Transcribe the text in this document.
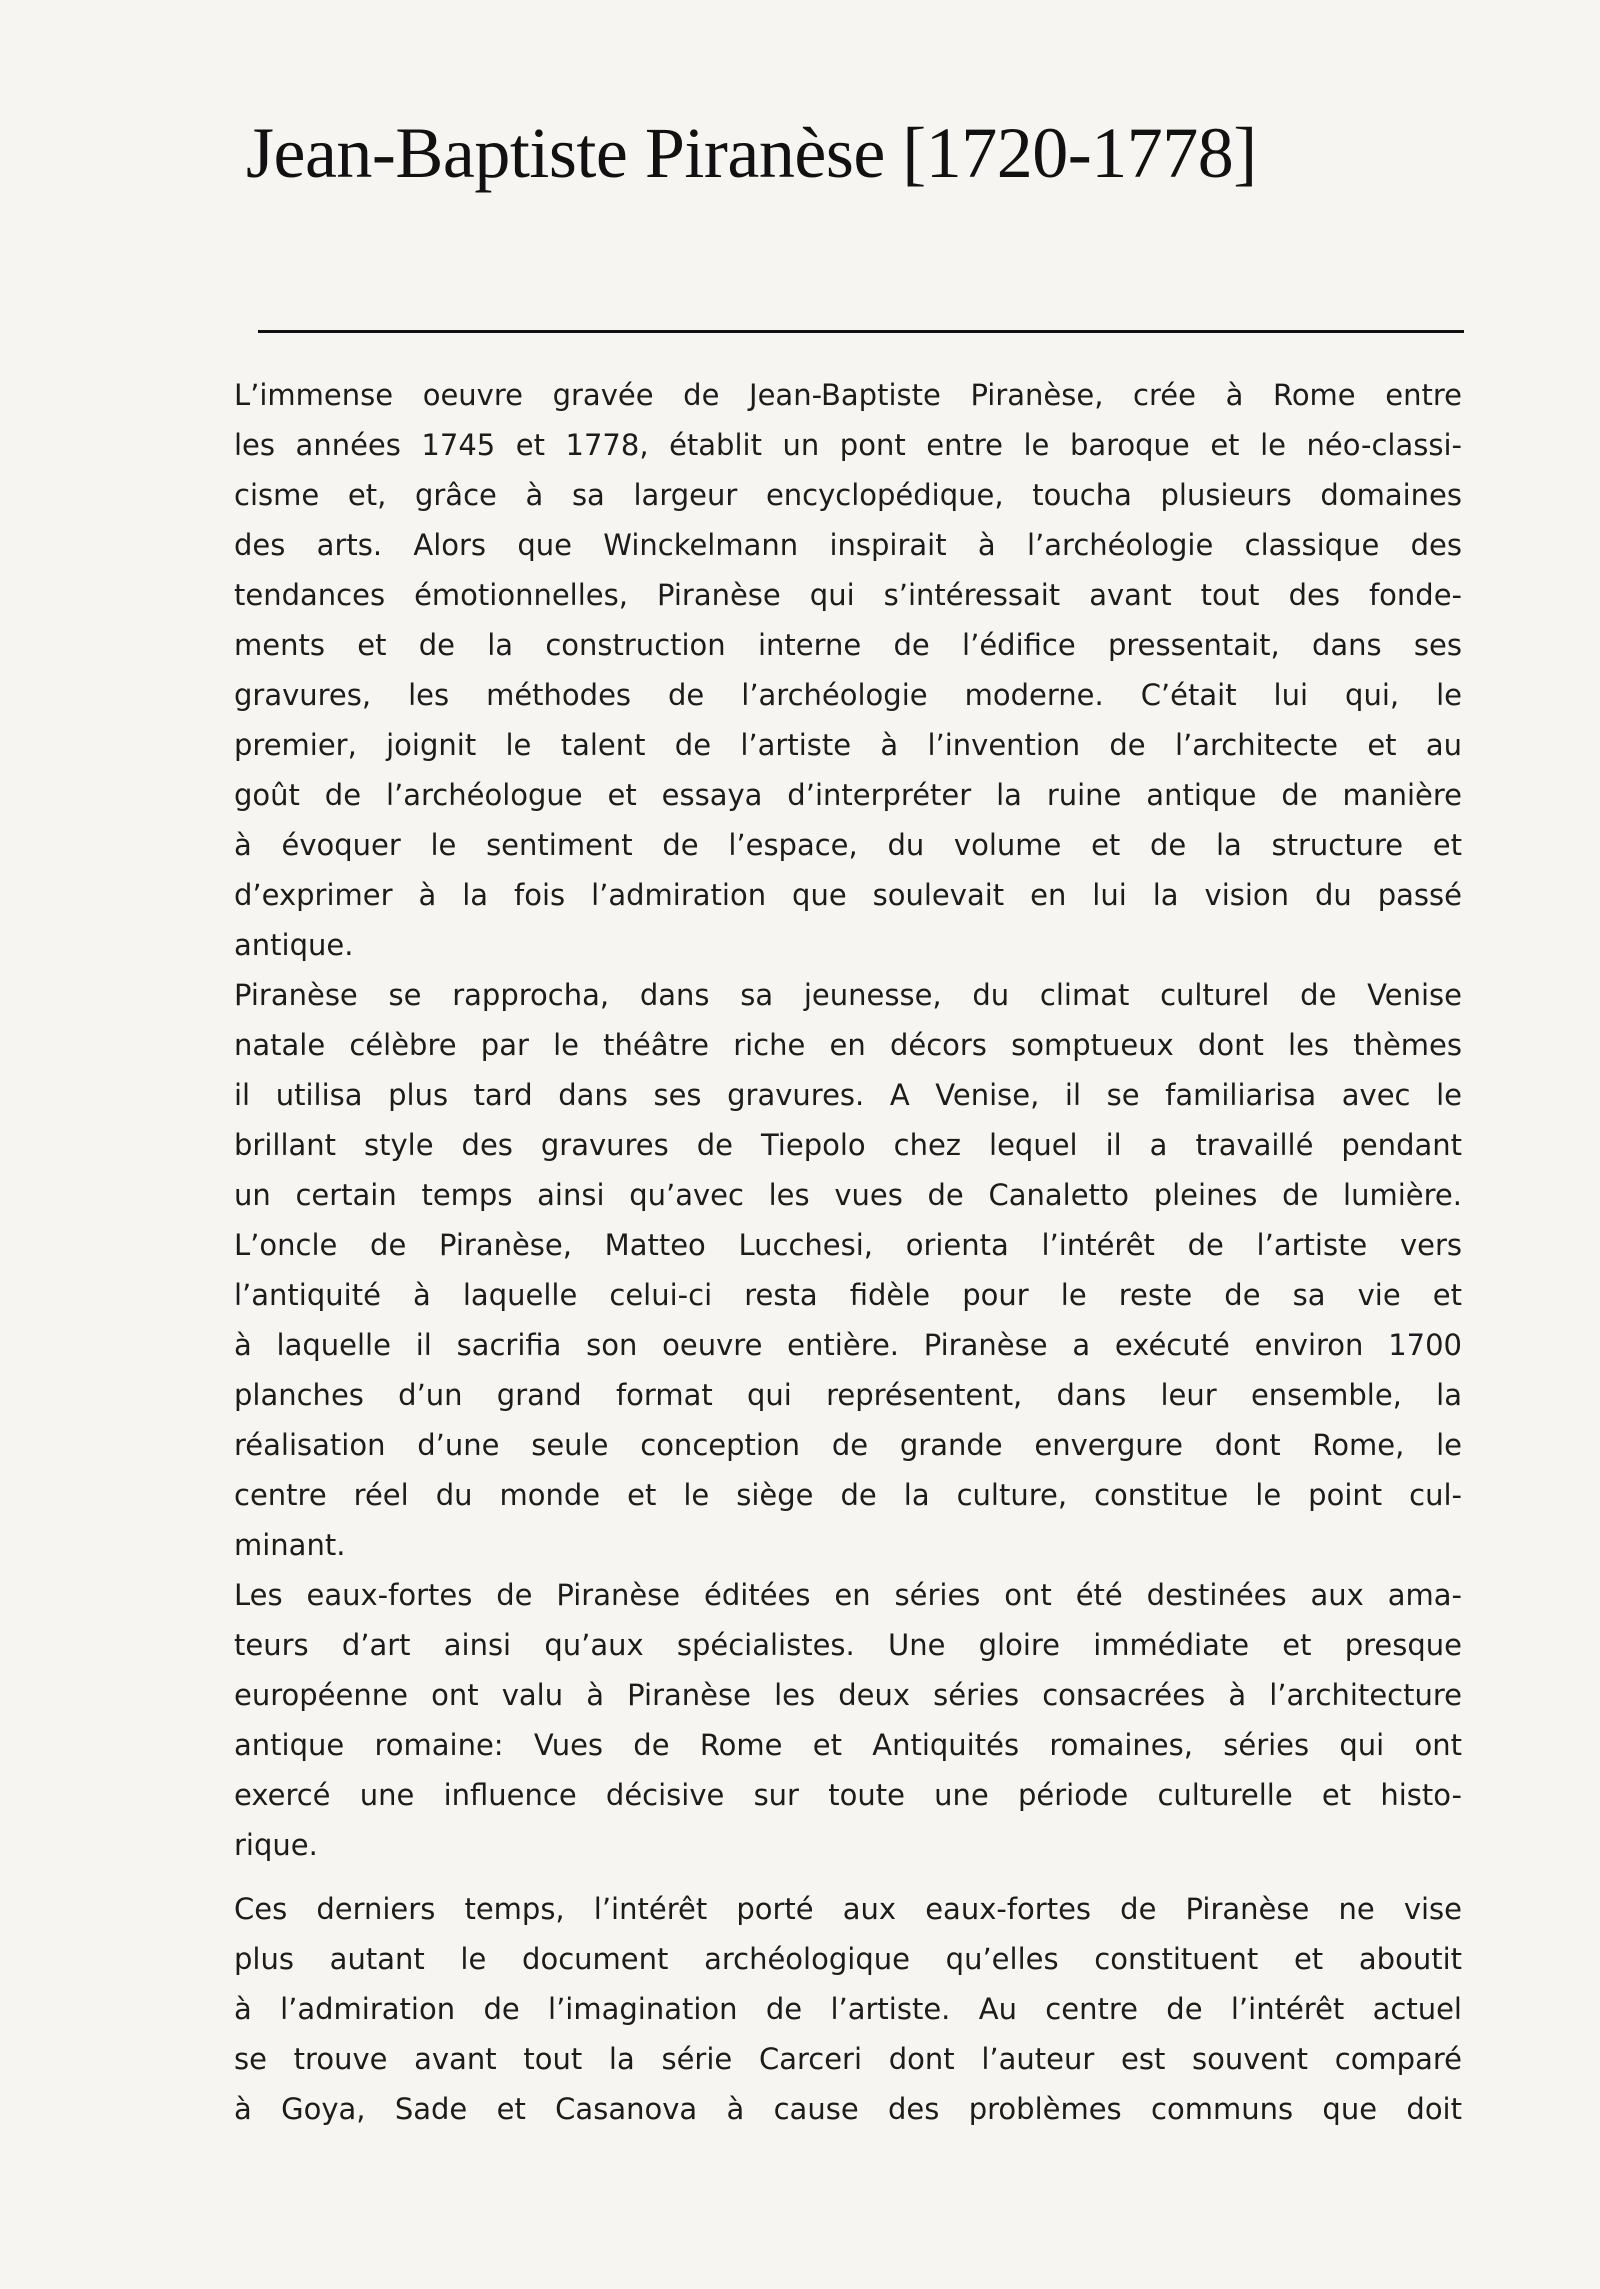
Jean-Baptiste Piranèse [1720-1778]
L’immense oeuvre gravée de Jean-Baptiste Piranèse, crée à Rome entre
les années 1745 et 1778, établit un pont entre le baroque et le néo-classi-
cisme et, grâce à sa largeur encyclopédique, toucha plusieurs domaines
des arts. Alors que Winckelmann inspirait à l’archéologie classique des
tendances émotionnelles, Piranèse qui s’intéressait avant tout des fonde-
ments et de la construction interne de l’édifice pressentait, dans ses
gravures, les méthodes de l’archéologie moderne. C’était lui qui, le
premier, joignit le talent de l’artiste à l’invention de l’architecte et au
goût de l’archéologue et essaya d’interpréter la ruine antique de manière
à évoquer le sentiment de l’espace, du volume et de la structure et
d’exprimer à la fois l’admiration que soulevait en lui la vision du passé
antique.
Piranèse se rapprocha, dans sa jeunesse, du climat culturel de Venise
natale célèbre par le théâtre riche en décors somptueux dont les thèmes
il utilisa plus tard dans ses gravures. A Venise, il se familiarisa avec le
brillant style des gravures de Tiepolo chez lequel il a travaillé pendant
un certain temps ainsi qu’avec les vues de Canaletto pleines de lumière.
L’oncle de Piranèse, Matteo Lucchesi, orienta l’intérêt de l’artiste vers
l’antiquité à laquelle celui-ci resta fidèle pour le reste de sa vie et
à laquelle il sacrifia son oeuvre entière. Piranèse a exécuté environ 1700
planches d’un grand format qui représentent, dans leur ensemble, la
réalisation d’une seule conception de grande envergure dont Rome, le
centre réel du monde et le siège de la culture, constitue le point cul-
minant.
Les eaux-fortes de Piranèse éditées en séries ont été destinées aux ama-
teurs d’art ainsi qu’aux spécialistes. Une gloire immédiate et presque
européenne ont valu à Piranèse les deux séries consacrées à l’architecture
antique romaine: Vues de Rome et Antiquités romaines, séries qui ont
exercé une influence décisive sur toute une période culturelle et histo-
rique.
Ces derniers temps, l’intérêt porté aux eaux-fortes de Piranèse ne vise
plus autant le document archéologique qu’elles constituent et aboutit
à l’admiration de l’imagination de l’artiste. Au centre de l’intérêt actuel
se trouve avant tout la série Carceri dont l’auteur est souvent comparé
à Goya, Sade et Casanova à cause des problèmes communs que doit
